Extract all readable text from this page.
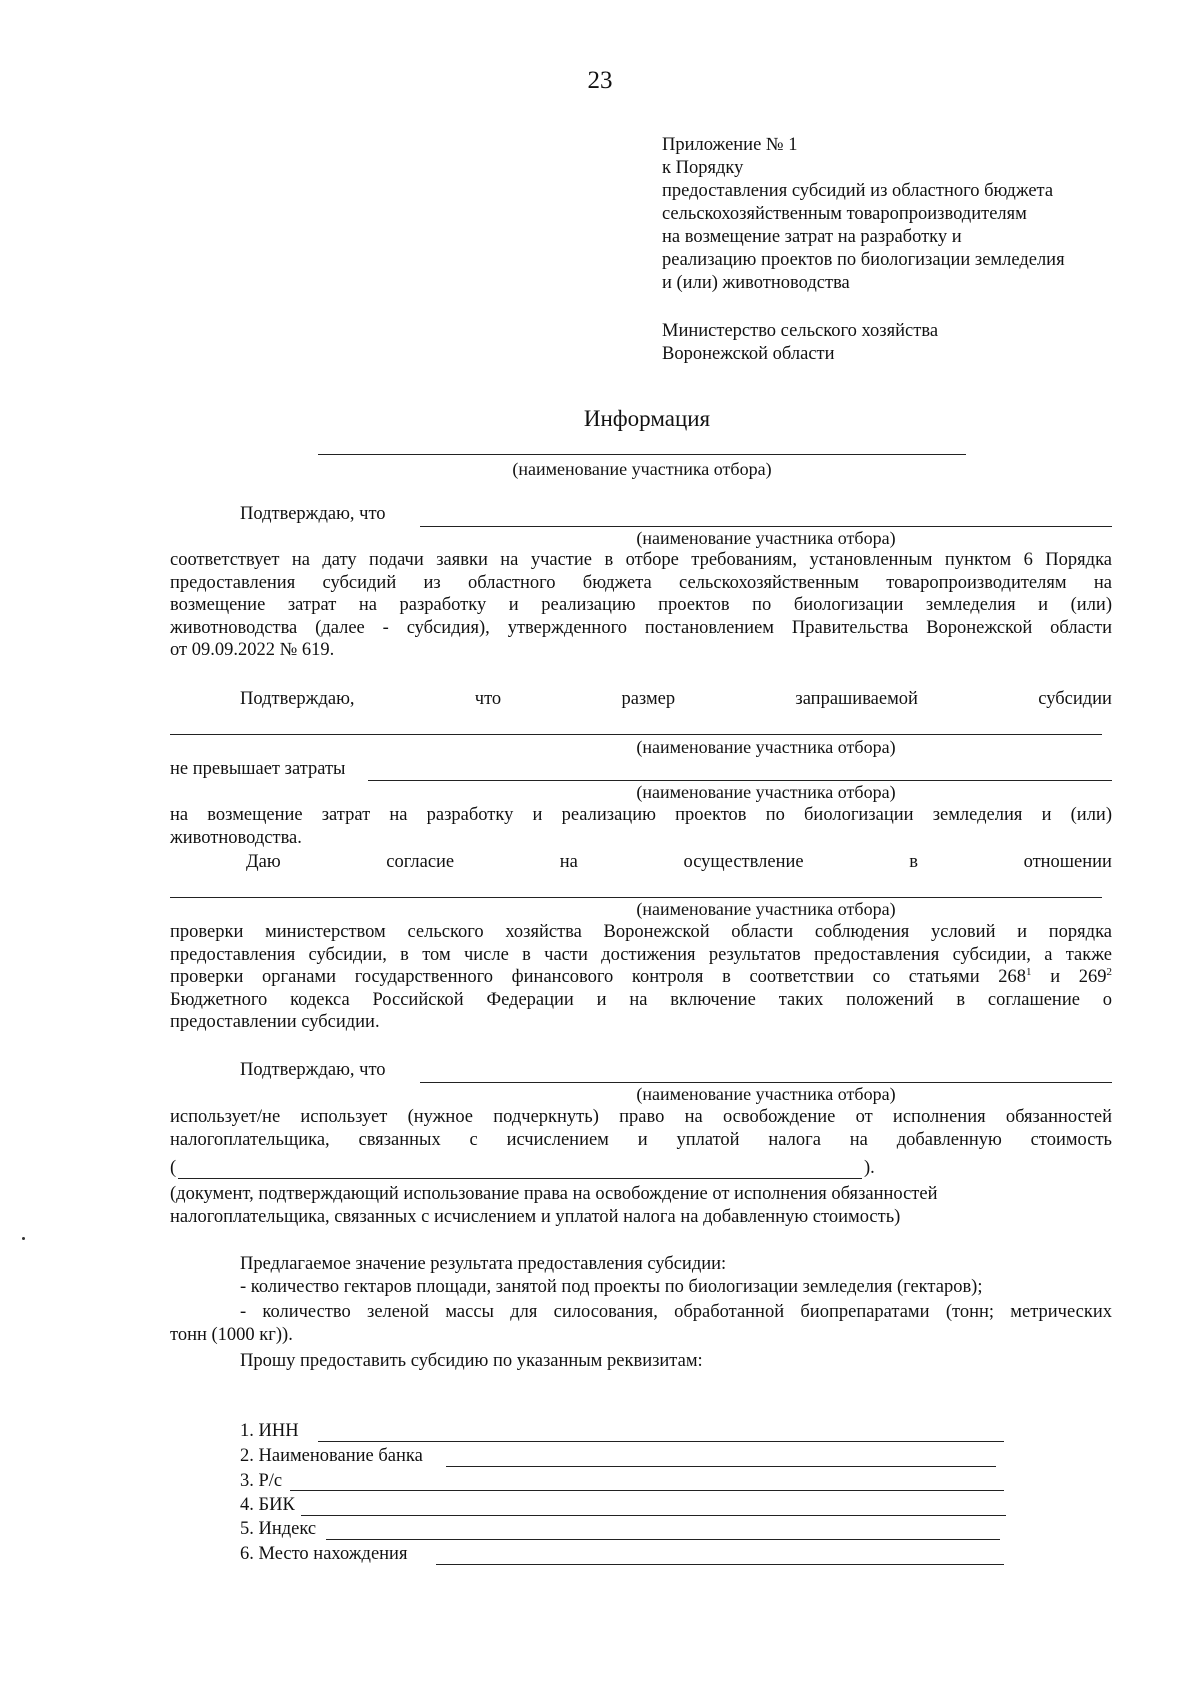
23
Приложение № 1
к Порядку
предоставления субсидий из областного бюджета
сельскохозяйственным товаропроизводителям
на возмещение затрат на разработку и
реализацию проектов по биологизации земледелия
и (или) животноводства
Министерство сельского хозяйства
Воронежской области
Информация
(наименование участника отбора)
Подтверждаю, что
(наименование участника отбора)
соответствует на дату подачи заявки на участие в отборе требованиям, установленным пунктом 6 Порядка
предоставления субсидий из областного бюджета сельскохозяйственным товаропроизводителям на
возмещение затрат на разработку и реализацию проектов по биологизации земледелия и (или)
животноводства (далее - субсидия), утвержденного постановлением Правительства Воронежской области
от 09.09.2022 № 619.
Подтверждаю,	что	размер	запрашиваемой	субсидии
(наименование участника отбора)
не превышает затраты
(наименование участника отбора)
на возмещение затрат на разработку и реализацию проектов по биологизации земледелия и (или)
животноводства.
Даю	согласие	на	осуществление	в	отношении
(наименование участника отбора)
проверки министерством сельского хозяйства Воронежской области соблюдения условий и порядка
предоставления субсидии, в том числе в части достижения результатов предоставления субсидии, а также
проверки органами государственного финансового контроля в соответствии со статьями $268^1$ и $269^2$
Бюджетного кодекса Российской Федерации и на включение таких положений в соглашение о
предоставлении субсидии.
Подтверждаю, что
(наименование участника отбора)
использует/не использует (нужное подчеркнуть) право на освобождение от исполнения обязанностей
налогоплательщика, связанных с исчислением и уплатой налога на добавленную стоимость
(	).
(документ, подтверждающий использование права на освобождение от исполнения обязанностей
налогоплательщика, связанных с исчислением и уплатой налога на добавленную стоимость)
Предлагаемое значение результата предоставления субсидии:
- количество гектаров площади, занятой под проекты по биологизации земледелия (гектаров);
- количество зеленой массы для силосования, обработанной биопрепаратами (тонн; метрических
тонн (1000 кг)).
Прошу предоставить субсидию по указанным реквизитам:
1. ИНН
2. Наименование банка
3. Р/с
4. БИК
5. Индекс
6. Место нахождения
